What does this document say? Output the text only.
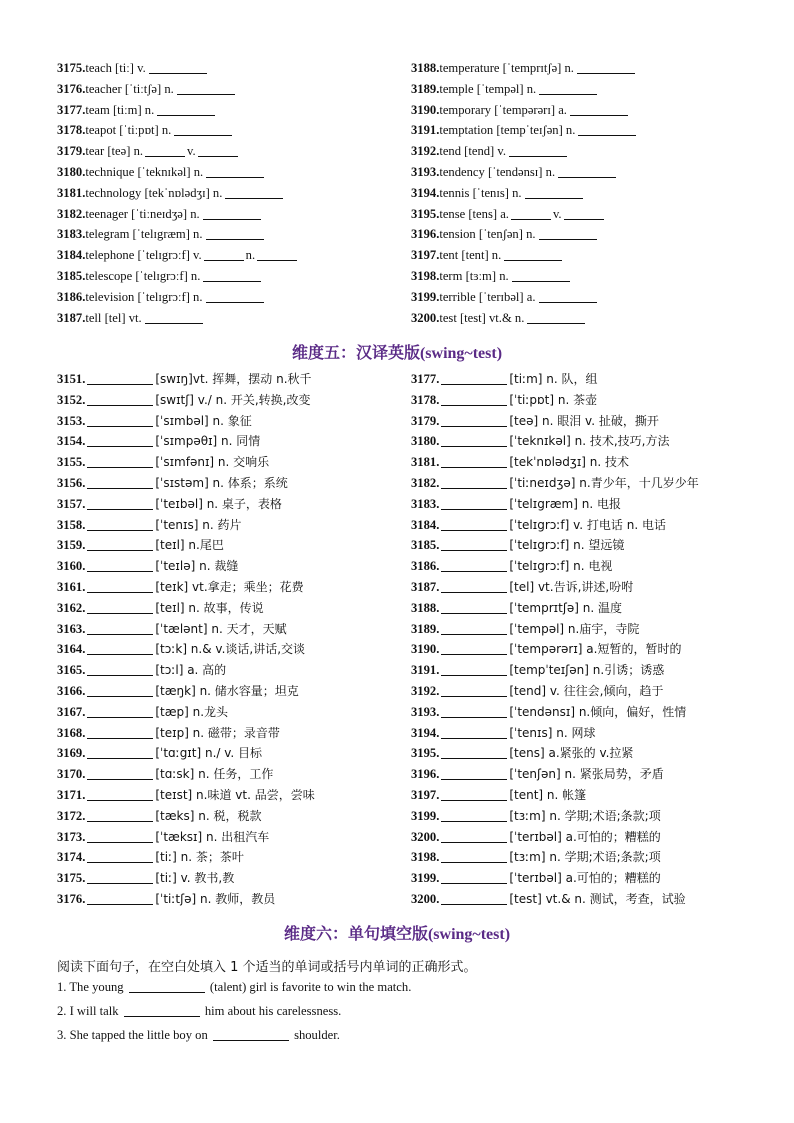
3175.teach [tiː] v.
3176.teacher [ˈtiːtʃə] n.
3177.team [tiːm] n.
3178.teapot [ˈtiːpɒt] n.
3179.tear [teə] n.	v.
3180.technique [ˈteknɪkəl] n.
3181.technology [tekˈnɒlədʒɪ] n.
3182.teenager [ˈtiːneɪdʒə] n.
3183.telegram [ˈtelɪgræm] n.
3184.telephone [ˈtelɪgrɔːf] v.	n.
3185.telescope [ˈtelɪgrɔːf] n.
3186.television [ˈtelɪgrɔːf] n.
3187.tell [tel] vt.
3188.temperature [ˈtemprɪtʃə] n.
3189.temple [ˈtempəl] n.
3190.temporary [ˈtempərərɪ] a.
3191.temptation [tempˈteɪʃən] n.
3192.tend [tend] v.
3193.tendency [ˈtendənsɪ] n.
3194.tennis [ˈtenɪs] n.
3195.tense [tens] a.	v.
3196.tension [ˈtenʃən] n.
3197.tent [tent] n.
3198.term [tɜːm] n.
3199.terrible [ˈterɪbəl] a.
3200.test [test] vt.& n.
维度五：汉译英版(swing~test)
3151.	[swɪŋ]vt. 挥舞，摆动 n.秋千
3152.	[swɪtʃ] v./ n. 开关,转换,改变
3153.	[ˈsɪmbəl] n. 象征
3154.	[ˈsɪmpəθɪ] n. 同情
3155.	[ˈsɪmfənɪ] n. 交响乐
3156.	[ˈsɪstəm] n. 体系；系统
3157.	[ˈteɪbəl] n. 桌子，表格
3158.	[ˈtenɪs] n. 药片
3159.	[teɪl] n.尾巴
3160.	[ˈteɪlə] n. 裁缝
3161.	[teɪk] vt.拿走；乘坐；花费
3162.	[teɪl] n. 故事，传说
3163.	[ˈtælənt] n. 天才，天赋
3164.	[tɔːk] n.& v.谈话,讲话,交谈
3165.	[tɔːl] a. 高的
3166.	[tæŋk] n. 储水容量；坦克
3167.	[tæp] n.龙头
3168.	[teɪp] n. 磁带；录音带
3169.	[ˈtɑːgɪt] n./ v. 目标
3170.	[tɑːsk] n. 任务，工作
3171.	[teɪst] n.味道 vt. 品尝，尝味
3172.	[tæks] n. 税，税款
3173.	[ˈtæksɪ] n. 出租汽车
3174.	[tiː] n. 茶；茶叶
3175.	[tiː] v. 教书,教
3176.	[ˈtiːtʃə] n. 教师，教员
3177.	[tiːm] n. 队，组
3178.	[ˈtiːpɒt] n. 茶壶
3179.	[teə] n. 眼泪 v. 扯破，撕开
3180.	[ˈteknɪkəl] n. 技术,技巧,方法
3181.	[tekˈnɒlədʒɪ] n. 技术
3182.	[ˈtiːneɪdʒə] n.青少年，十几岁少年
3183.	[ˈtelɪgræm] n. 电报
3184.	[ˈtelɪgrɔːf] v. 打电话 n. 电话
3185.	[ˈtelɪgrɔːf] n. 望远镜
3186.	[ˈtelɪgrɔːf] n. 电视
3187.	[tel] vt.告诉,讲述,吩咐
3188.	[ˈtemprɪtʃə] n. 温度
3189.	[ˈtempəl] n.庙宇，寺院
3190.	[ˈtempərərɪ] a.短暂的，暂时的
3191.	[tempˈteɪʃən] n.引诱；诱惑
3192.	[tend] v. 往往会,倾向，趋于
3193.	[ˈtendənsɪ] n.倾向，偏好，性情
3194.	[ˈtenɪs] n. 网球
3195.	[tens] a.紧张的 v.拉紧
3196.	[ˈtenʃən] n. 紧张局势，矛盾
3197.	[tent] n. 帐篷
3199.	[tɜːm] n. 学期;术语;条款;项
3200.	[ˈterɪbəl] a.可怕的；糟糕的
3198.	[tɜːm] n. 学期;术语;条款;项
3199.	[ˈterɪbəl] a.可怕的；糟糕的
3200.	[test] vt.& n. 测试，考查，试验
维度六：单句填空版(swing~test)
阅读下面句子，在空白处填入 1 个适当的单词或括号内单词的正确形式。
1. The young	(talent) girl is favorite to win the match.
2. I will talk	him about his carelessness.
3. She tapped the little boy on	shoulder.
